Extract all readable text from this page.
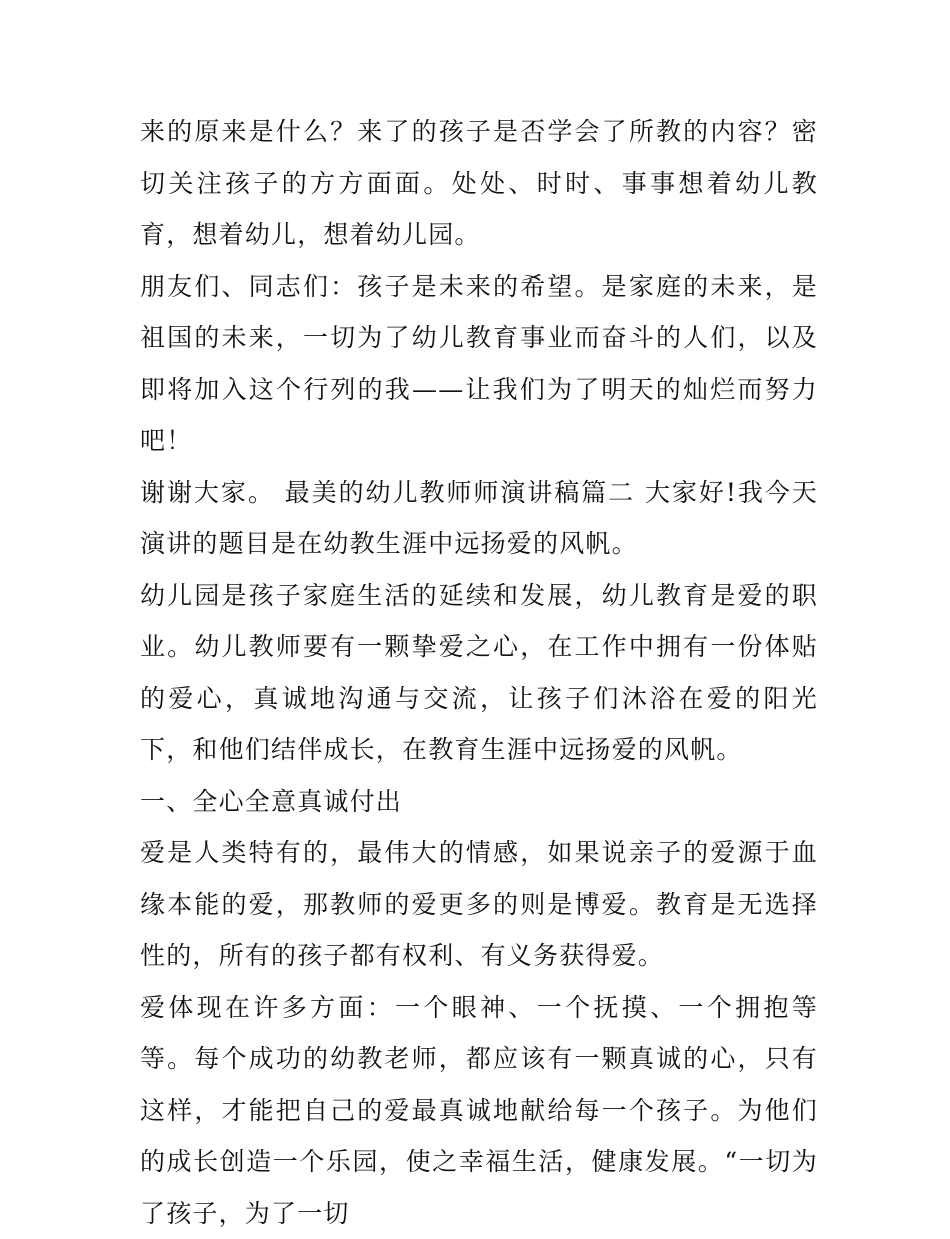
来的原来是什么？来了的孩子是否学会了所教的内容？密切关注孩子的方方面面。处处、时时、事事想着幼儿教育，想着幼儿，想着幼儿园。

朋友们、同志们：孩子是未来的希望。是家庭的未来，是祖国的未来，一切为了幼儿教育事业而奋斗的人们，以及即将加入这个行列的我——让我们为了明天的灿烂而努力吧！

谢谢大家。 最美的幼儿教师师演讲稿篇二 大家好!我今天演讲的题目是在幼教生涯中远扬爱的风帆。

幼儿园是孩子家庭生活的延续和发展，幼儿教育是爱的职业。幼儿教师要有一颗挚爱之心，在工作中拥有一份体贴的爱心，真诚地沟通与交流，让孩子们沐浴在爱的阳光下，和他们结伴成长，在教育生涯中远扬爱的风帆。

一、全心全意真诚付出

爱是人类特有的，最伟大的情感，如果说亲子的爱源于血缘本能的爱，那教师的爱更多的则是博爱。教育是无选择性的，所有的孩子都有权利、有义务获得爱。

爱体现在许多方面：一个眼神、一个抚摸、一个拥抱等等。每个成功的幼教老师，都应该有一颗真诚的心，只有这样，才能把自己的爱最真诚地献给每一个孩子。为他们的成长创造一个乐园，使之幸福生活，健康发展。“一切为了孩子，为了一切
